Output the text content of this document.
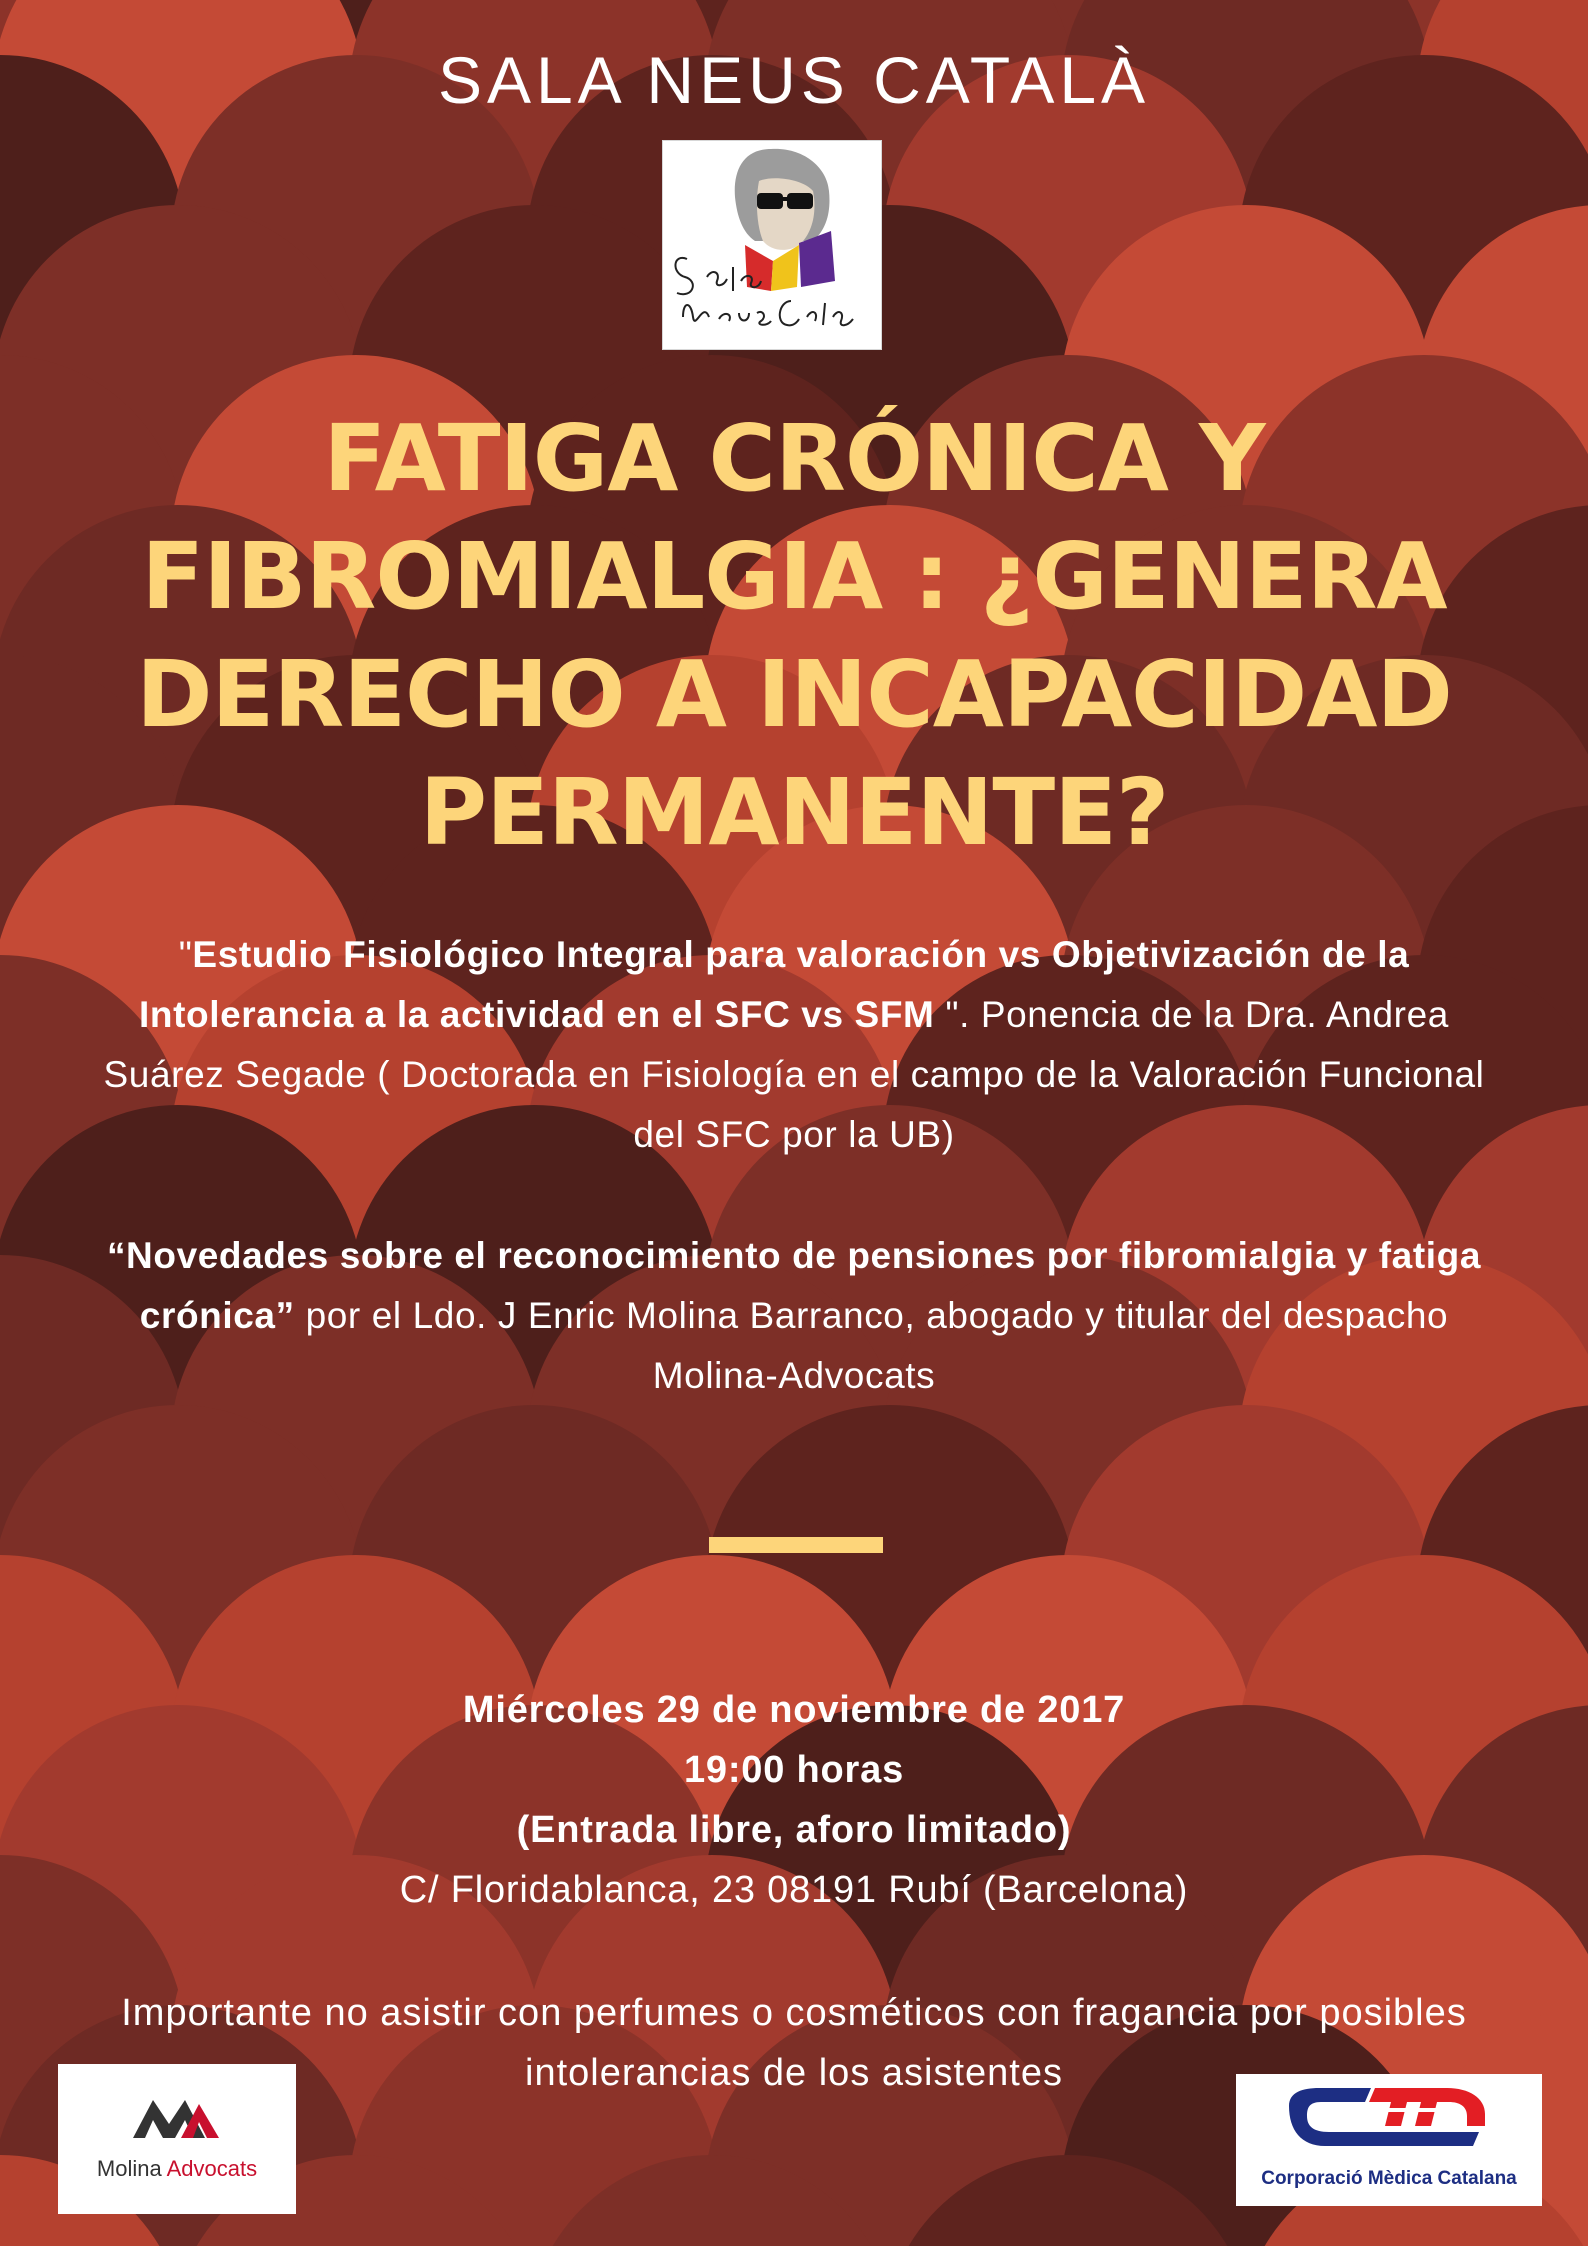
SALA NEUS CATALÀ
FATIGA CRÓNICA Y
FIBROMIALGIA : ¿GENERA
DERECHO A INCAPACIDAD
PERMANENTE?

"Estudio Fisiológico Integral para valoración vs Objetivización de la Intolerancia a la actividad en el SFC vs SFM ". Ponencia de la Dra. Andrea Suárez Segade ( Doctorada en Fisiología en el campo de la Valoración Funcional del SFC por la UB)

“Novedades sobre el reconocimiento de pensiones por fibromialgia y fatiga crónica” por el Ldo. J Enric Molina Barranco, abogado y titular del despacho Molina-Advocats

Miércoles 29 de noviembre de 2017
19:00 horas
(Entrada libre, aforo limitado)
C/ Floridablanca, 23 08191 Rubí (Barcelona)

Importante no asistir con perfumes o cosméticos con fragancia por posibles intolerancias de los asistentes

Molina Advocats	Corporació Mèdica Catalana
